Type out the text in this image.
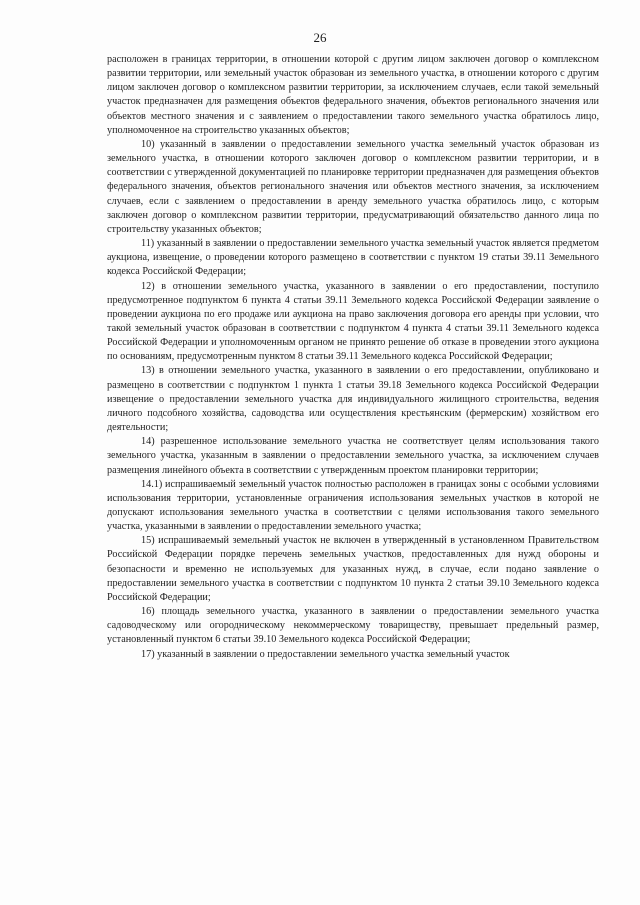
26

расположен в границах территории, в отношении которой с другим лицом заключен договор о комплексном развитии территории, или земельный участок образован из земельного участка, в отношении которого с другим лицом заключен договор о комплексном развитии территории, за исключением случаев, если такой земельный участок предназначен для размещения объектов федерального значения, объектов регионального значения или объектов местного значения и с заявлением о предоставлении такого земельного участка обратилось лицо, уполномоченное на строительство указанных объектов;

10) указанный в заявлении о предоставлении земельного участка земельный участок образован из земельного участка, в отношении которого заключен договор о комплексном развитии территории, и в соответствии с утвержденной документацией по планировке территории предназначен для размещения объектов федерального значения, объектов регионального значения или объектов местного значения, за исключением случаев, если с заявлением о предоставлении в аренду земельного участка обратилось лицо, с которым заключен договор о комплексном развитии территории, предусматривающий обязательство данного лица по строительству указанных объектов;

11) указанный в заявлении о предоставлении земельного участка земельный участок является предметом аукциона, извещение, о проведении которого размещено в соответствии с пунктом 19 статьи 39.11 Земельного кодекса Российской Федерации;

12) в отношении земельного участка, указанного в заявлении о его предоставлении, поступило предусмотренное подпунктом 6 пункта 4 статьи 39.11 Земельного кодекса Российской Федерации заявление о проведении аукциона по его продаже или аукциона на право заключения договора его аренды при условии, что такой земельный участок образован в соответствии с подпунктом 4 пункта 4 статьи 39.11 Земельного кодекса Российской Федерации и уполномоченным органом не принято решение об отказе в проведении этого аукциона по основаниям, предусмотренным пунктом 8 статьи 39.11 Земельного кодекса Российской Федерации;

13) в отношении земельного участка, указанного в заявлении о его предоставлении, опубликовано и размещено в соответствии с подпунктом 1 пункта 1 статьи 39.18 Земельного кодекса Российской Федерации извещение о предоставлении земельного участка для индивидуального жилищного строительства, ведения личного подсобного хозяйства, садоводства или осуществления крестьянским (фермерским) хозяйством его деятельности;

14) разрешенное использование земельного участка не соответствует целям использования такого земельного участка, указанным в заявлении о предоставлении земельного участка, за исключением случаев размещения линейного объекта в соответствии с утвержденным проектом планировки территории;

14.1) испрашиваемый земельный участок полностью расположен в границах зоны с особыми условиями использования территории, установленные ограничения использования земельных участков в которой не допускают использования земельного участка в соответствии с целями использования такого земельного участка, указанными в заявлении о предоставлении земельного участка;

15) испрашиваемый земельный участок не включен в утвержденный в установленном Правительством Российской Федерации порядке перечень земельных участков, предоставленных для нужд обороны и безопасности и временно не используемых для указанных нужд, в случае, если подано заявление о предоставлении земельного участка в соответствии с подпунктом 10 пункта 2 статьи 39.10 Земельного кодекса Российской Федерации;

16) площадь земельного участка, указанного в заявлении о предоставлении земельного участка садоводческому или огородническому некоммерческому товариществу, превышает предельный размер, установленный пунктом 6 статьи 39.10 Земельного кодекса Российской Федерации;

17) указанный в заявлении о предоставлении земельного участка земельный участок
